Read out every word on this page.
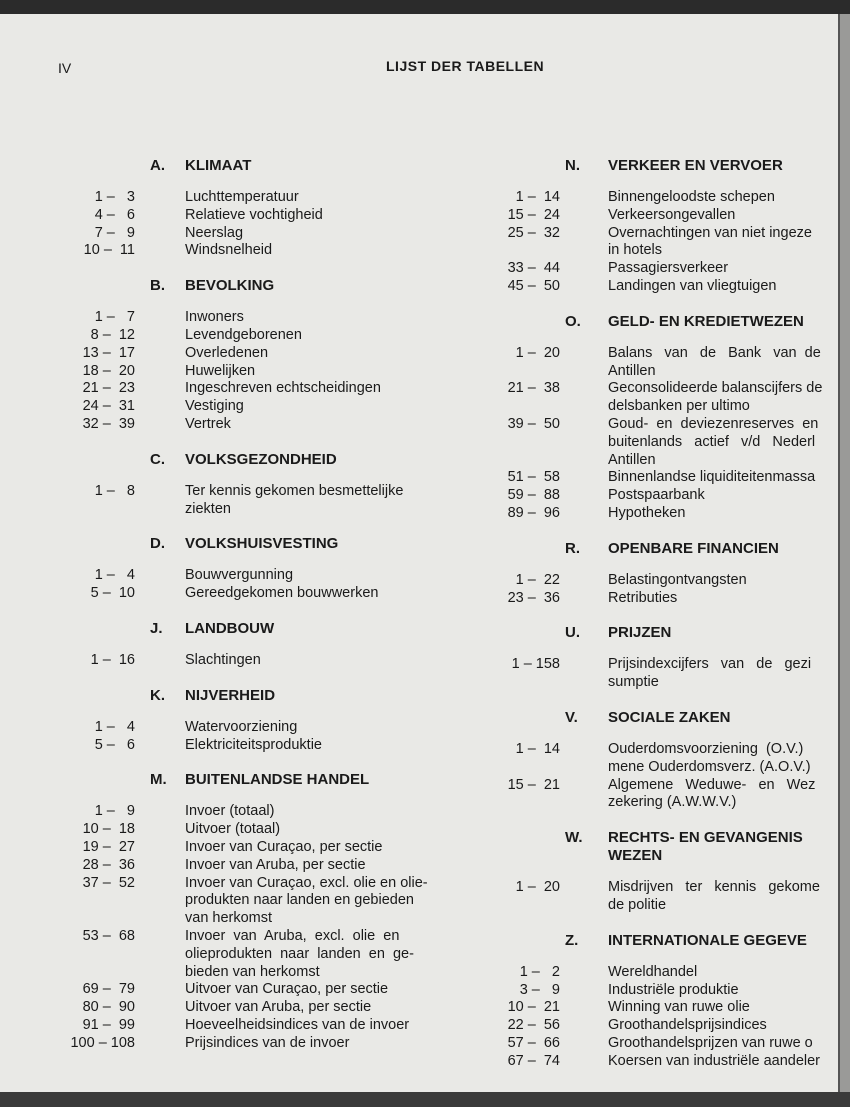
IV	LIJST DER TABELLEN
A. KLIMAAT
1 –   3	Luchttemperatuur
4 –   6	Relatieve vochtigheid
7 –   9	Neerslag
10 –  11	Windsnelheid
B. BEVOLKING
1 –   7	Inwoners
8 –  12	Levendgeborenen
13 –  17	Overledenen
18 –  20	Huwelijken
21 –  23	Ingeschreven echtscheidingen
24 –  31	Vestiging
32 –  39	Vertrek
C. VOLKSGEZONDHEID
1 –   8	Ter kennis gekomen besmettelijke
ziekten
D. VOLKSHUISVESTING
1 –   4	Bouwvergunning
5 –  10	Gereedgekomen bouwwerken
J. LANDBOUW
1 –  16	Slachtingen
K. NIJVERHEID
1 –   4	Watervoorziening
5 –   6	Elektriciteitsproduktie
M. BUITENLANDSE HANDEL
1 –   9	Invoer (totaal)
10 –  18	Uitvoer (totaal)
19 –  27	Invoer van Curaçao, per sectie
28 –  36	Invoer van Aruba, per sectie
37 –  52	Invoer van Curaçao, excl. olie en olie-
produkten naar landen en gebieden
van herkomst
53 –  68	Invoer  van  Aruba,  excl.  olie  en
olieprodukten  naar  landen  en  ge-
bieden van herkomst
69 –  79	Uitvoer van Curaçao, per sectie
80 –  90	Uitvoer van Aruba, per sectie
91 –  99	Hoeveelheidsindices van de invoer
100 – 108	Prijsindices van de invoer
N. VERKEER EN VERVOER
1 –  14	Binnengeloodste schepen
15 –  24	Verkeersongevallen
25 –  32	Overnachtingen van niet ingeze
in hotels
33 –  44	Passagiersverkeer
45 –  50	Landingen van vliegtuigen
O. GELD- EN KREDIETWEZEN
1 –  20	Balans   van   de   Bank   van  de
Antillen
21 –  38	Geconsolideerde balanscijfers de
delsbanken per ultimo
39 –  50	Goud-  en  deviezenreserves  en
buitenlands   actief   v/d   Nederl
Antillen
51 –  58	Binnenlandse liquiditeitenmassa
59 –  88	Postspaarbank
89 –  96	Hypotheken
R. OPENBARE FINANCIEN
1 –  22	Belastingontvangsten
23 –  36	Retributies
U. PRIJZEN
1 – 158	Prijsindexcijfers   van   de   gezi
sumptie
V. SOCIALE ZAKEN
1 –  14	Ouderdomsvoorziening  (O.V.)
mene Ouderdomsverz. (A.O.V.)
15 –  21	Algemene   Weduwe-   en   Wez
zekering (A.W.W.V.)
W. RECHTS- EN GEVANGENIS
WEZEN
1 –  20	Misdrijven   ter   kennis   gekome
de politie
Z. INTERNATIONALE GEGEVE
1 –   2	Wereldhandel
3 –   9	Industriële produktie
10 –  21	Winning van ruwe olie
22 –  56	Groothandelsprijsindices
57 –  66	Groothandelsprijzen van ruwe o
67 –  74	Koersen van industriële aandeler
